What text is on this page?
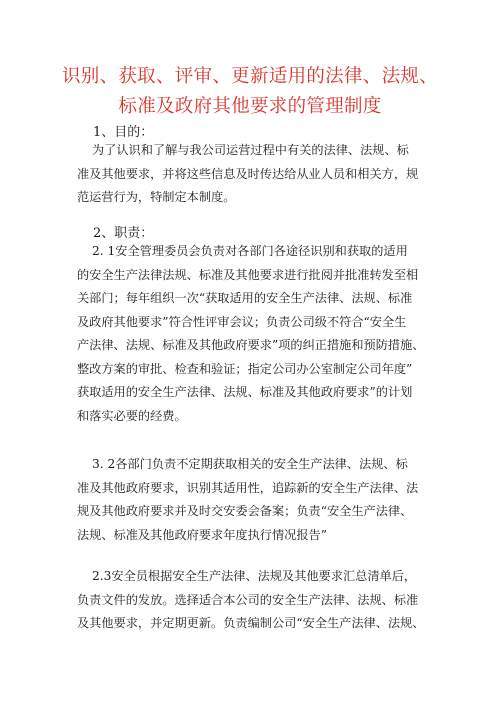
识别、获取、评审、更新适用的法律、法规、
标准及政府其他要求的管理制度
1、目的：
为了认识和了解与我公司运营过程中有关的法律、法规、标
准及其他要求，并将这些信息及时传达给从业人员和相关方，规
范运营行为，特制定本制度。
2、职责：
2. 1安全管理委员会负责对各部门各途径识别和获取的适用
的安全生产法律法规、标准及其他要求进行批阅并批准转发至相
关部门；每年组织一次“获取适用的安全生产法律、法规、标准
及政府其他要求”符合性评审会议；负责公司级不符合“安全生
产法律、法规、标准及其他政府要求”项的纠正措施和预防措施、
整改方案的审批、检查和验证；指定公司办公室制定公司年度”
获取适用的安全生产法律、法规、标准及其他政府要求”的计划
和落实必要的经费。
3. 2各部门负责不定期获取相关的安全生产法律、法规、标
准及其他政府要求，识别其适用性，追踪新的安全生产法律、法
规及其他政府要求并及时交安委会备案；负责“安全生产法律、
法规、标准及其他政府要求年度执行情况报告”
2.3安全员根据安全生产法律、法规及其他要求汇总清单后，
负责文件的发放。选择适合本公司的安全生产法律、法规、标准
及其他要求，并定期更新。负责编制公司“安全生产法律、法规、
